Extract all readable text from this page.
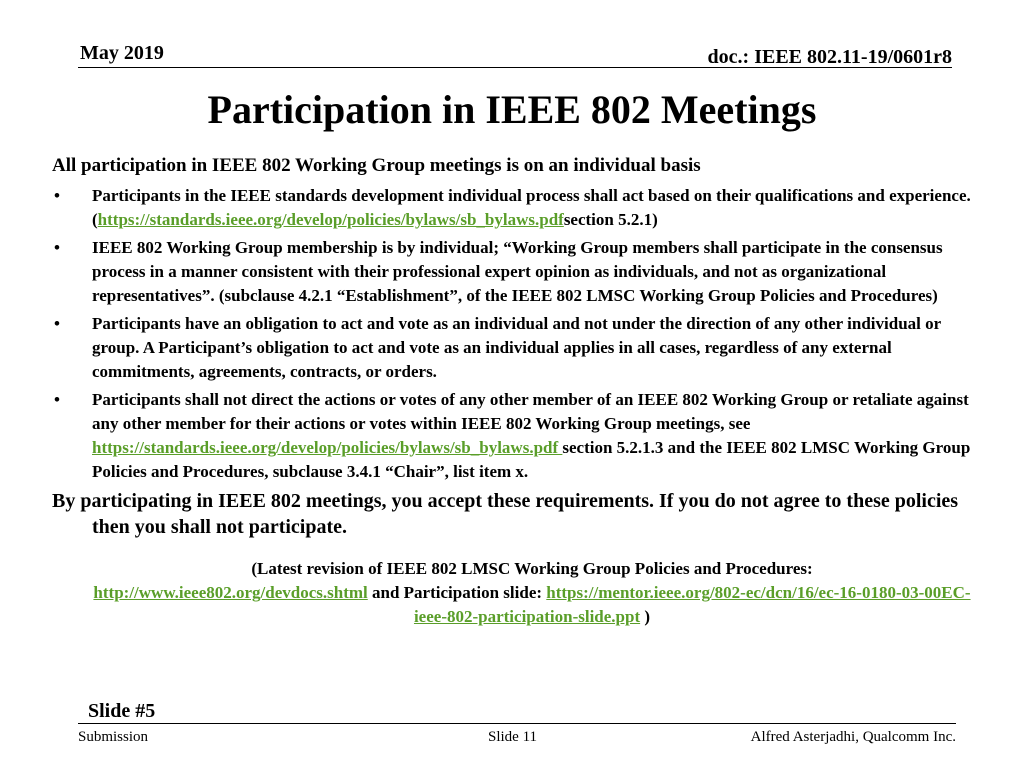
May 2019	doc.: IEEE 802.11-19/0601r8
Participation in IEEE 802 Meetings

All participation in IEEE 802 Working Group meetings is on an individual basis

• Participants in the IEEE standards development individual process shall act based on their qualifications and experience. (https://standards.ieee.org/develop/policies/bylaws/sb_bylaws.pdfsection 5.2.1)

• IEEE 802 Working Group membership is by individual; “Working Group members shall participate in the consensus process in a manner consistent with their professional expert opinion as individuals, and not as organizational representatives”. (subclause 4.2.1 “Establishment”, of the IEEE 802 LMSC Working Group Policies and Procedures)

• Participants have an obligation to act and vote as an individual and not under the direction of any other individual or group. A Participant’s obligation to act and vote as an individual applies in all cases, regardless of any external commitments, agreements, contracts, or orders.

• Participants shall not direct the actions or votes of any other member of an IEEE 802 Working Group or retaliate against any other member for their actions or votes within IEEE 802 Working Group meetings, see https://standards.ieee.org/develop/policies/bylaws/sb_bylaws.pdf section 5.2.1.3 and the IEEE 802 LMSC Working Group Policies and Procedures, subclause 3.4.1 “Chair”, list item x.

By participating in IEEE 802 meetings, you accept these requirements. If you do not agree to these policies then you shall not participate.

(Latest revision of IEEE 802 LMSC Working Group Policies and Procedures:
http://www.ieee802.org/devdocs.shtml and Participation slide: https://mentor.ieee.org/802-ec/dcn/16/ec-16-0180-03-00EC-ieee-802-participation-slide.ppt )

Slide #5
Submission	Slide 11	Alfred Asterjadhi, Qualcomm Inc.
